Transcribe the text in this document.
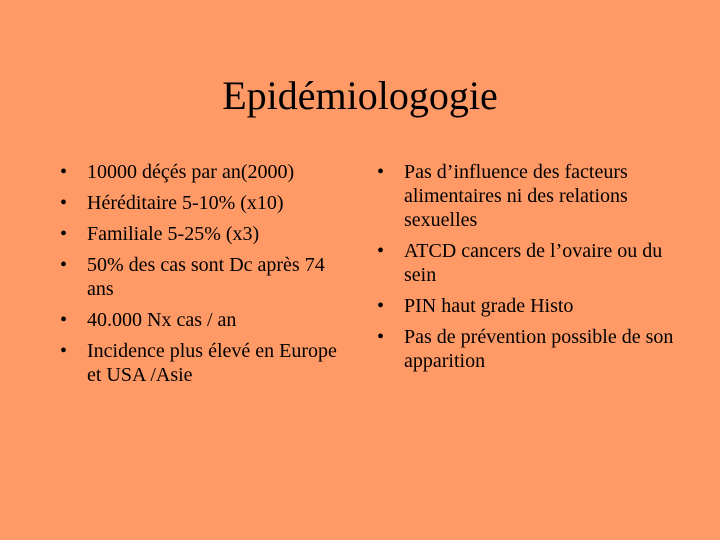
Epidémiologogie
• 10000 déçés par an(2000)
• Héréditaire 5-10% (x10)
• Familiale 5-25% (x3)
• 50% des cas sont Dc après 74 ans
• 40.000 Nx cas / an
• Incidence plus élevé en Europe et USA /Asie
• Pas d’influence des facteurs alimentaires ni des relations sexuelles
• ATCD cancers de l’ovaire ou du sein
• PIN haut grade Histo
• Pas de prévention possible de son apparition
